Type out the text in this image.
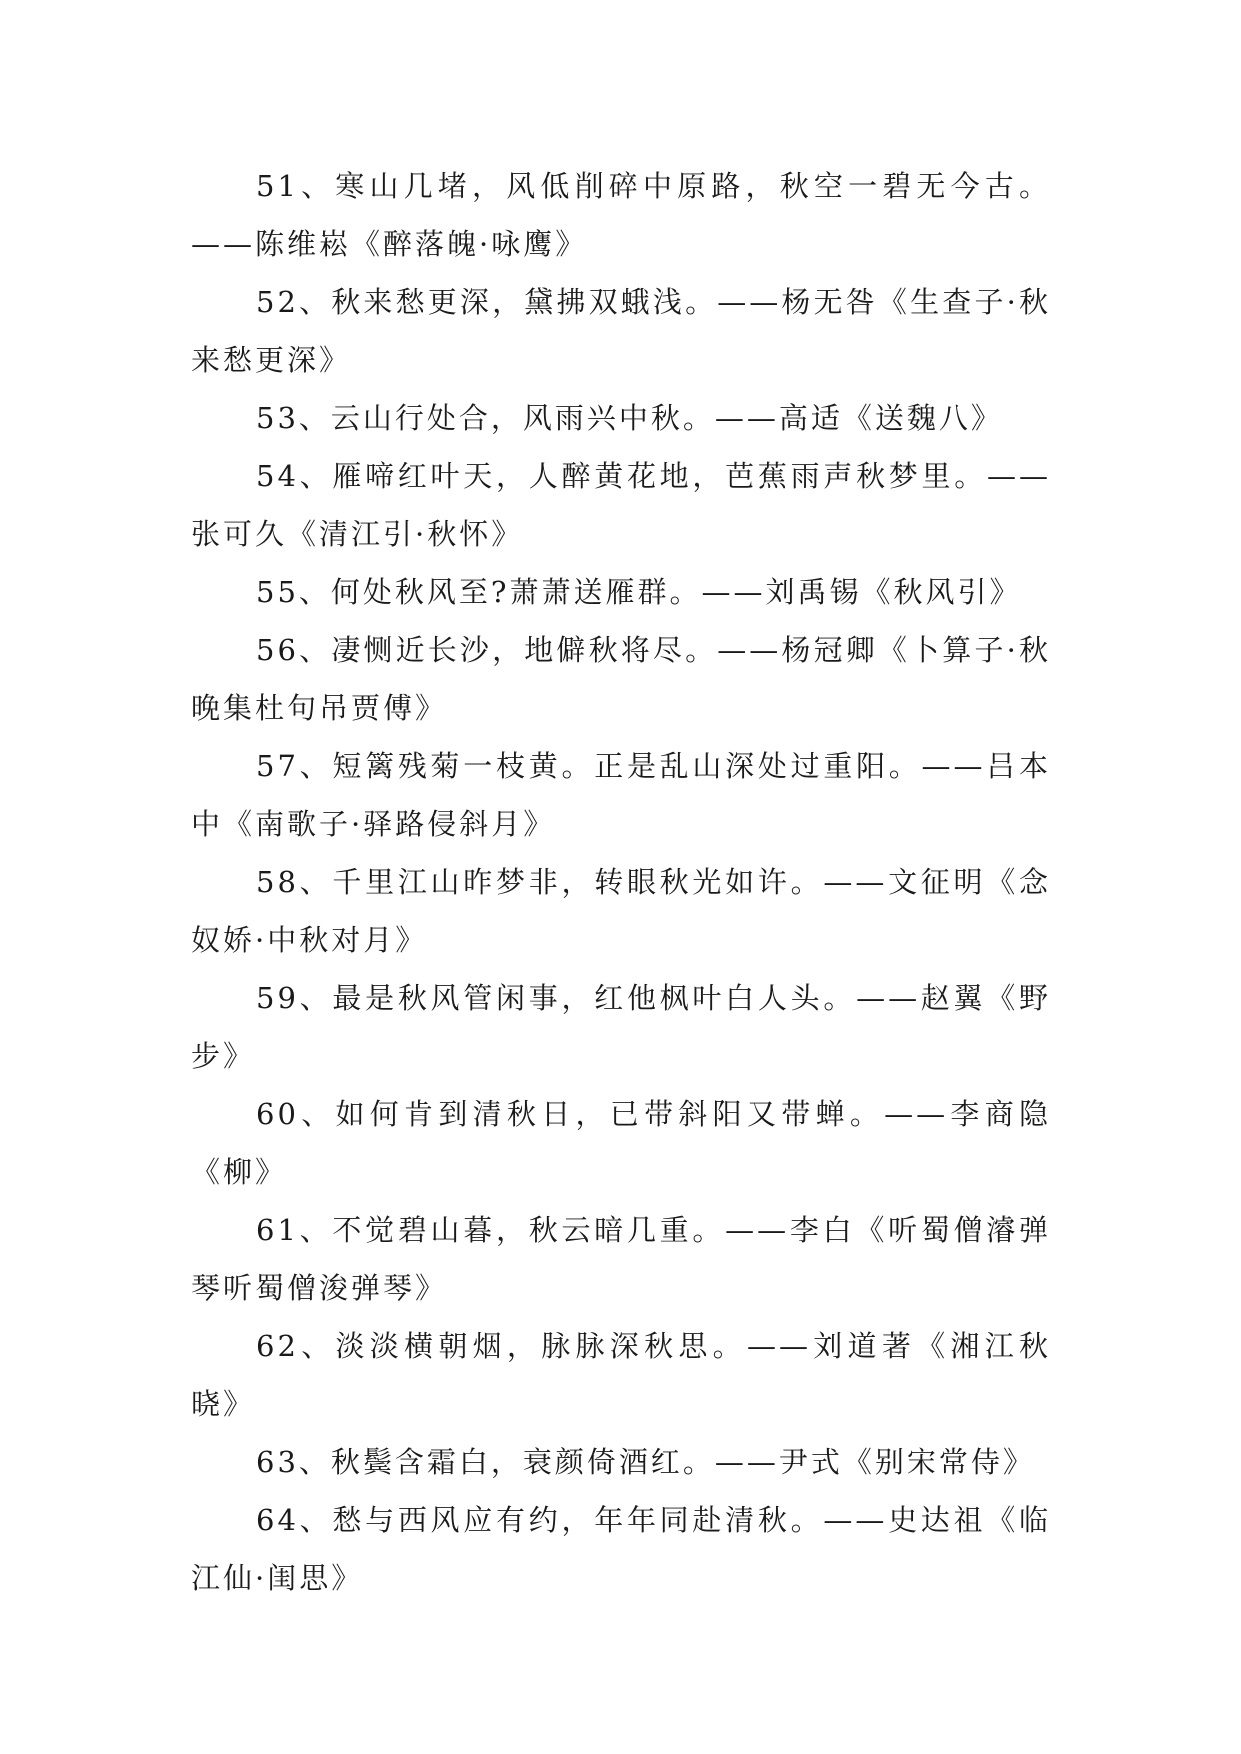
51、寒山几堵，风低削碎中原路，秋空一碧无今古。——陈维崧《醉落魄·咏鹰》

52、秋来愁更深，黛拂双蛾浅。——杨无咎《生查子·秋来愁更深》

53、云山行处合，风雨兴中秋。——高适《送魏八》

54、雁啼红叶天，人醉黄花地，芭蕉雨声秋梦里。——张可久《清江引·秋怀》

55、何处秋风至?萧萧送雁群。——刘禹锡《秋风引》

56、凄恻近长沙，地僻秋将尽。——杨冠卿《卜算子·秋晚集杜句吊贾傅》

57、短篱残菊一枝黄。正是乱山深处过重阳。——吕本中《南歌子·驿路侵斜月》

58、千里江山昨梦非，转眼秋光如许。——文征明《念奴娇·中秋对月》

59、最是秋风管闲事，红他枫叶白人头。——赵翼《野步》

60、如何肯到清秋日，已带斜阳又带蝉。——李商隐《柳》

61、不觉碧山暮，秋云暗几重。——李白《听蜀僧濬弹琴听蜀僧浚弹琴》

62、淡淡横朝烟，脉脉深秋思。——刘道著《湘江秋晓》

63、秋鬓含霜白，衰颜倚酒红。——尹式《别宋常侍》

64、愁与西风应有约，年年同赴清秋。——史达祖《临江仙·闺思》
